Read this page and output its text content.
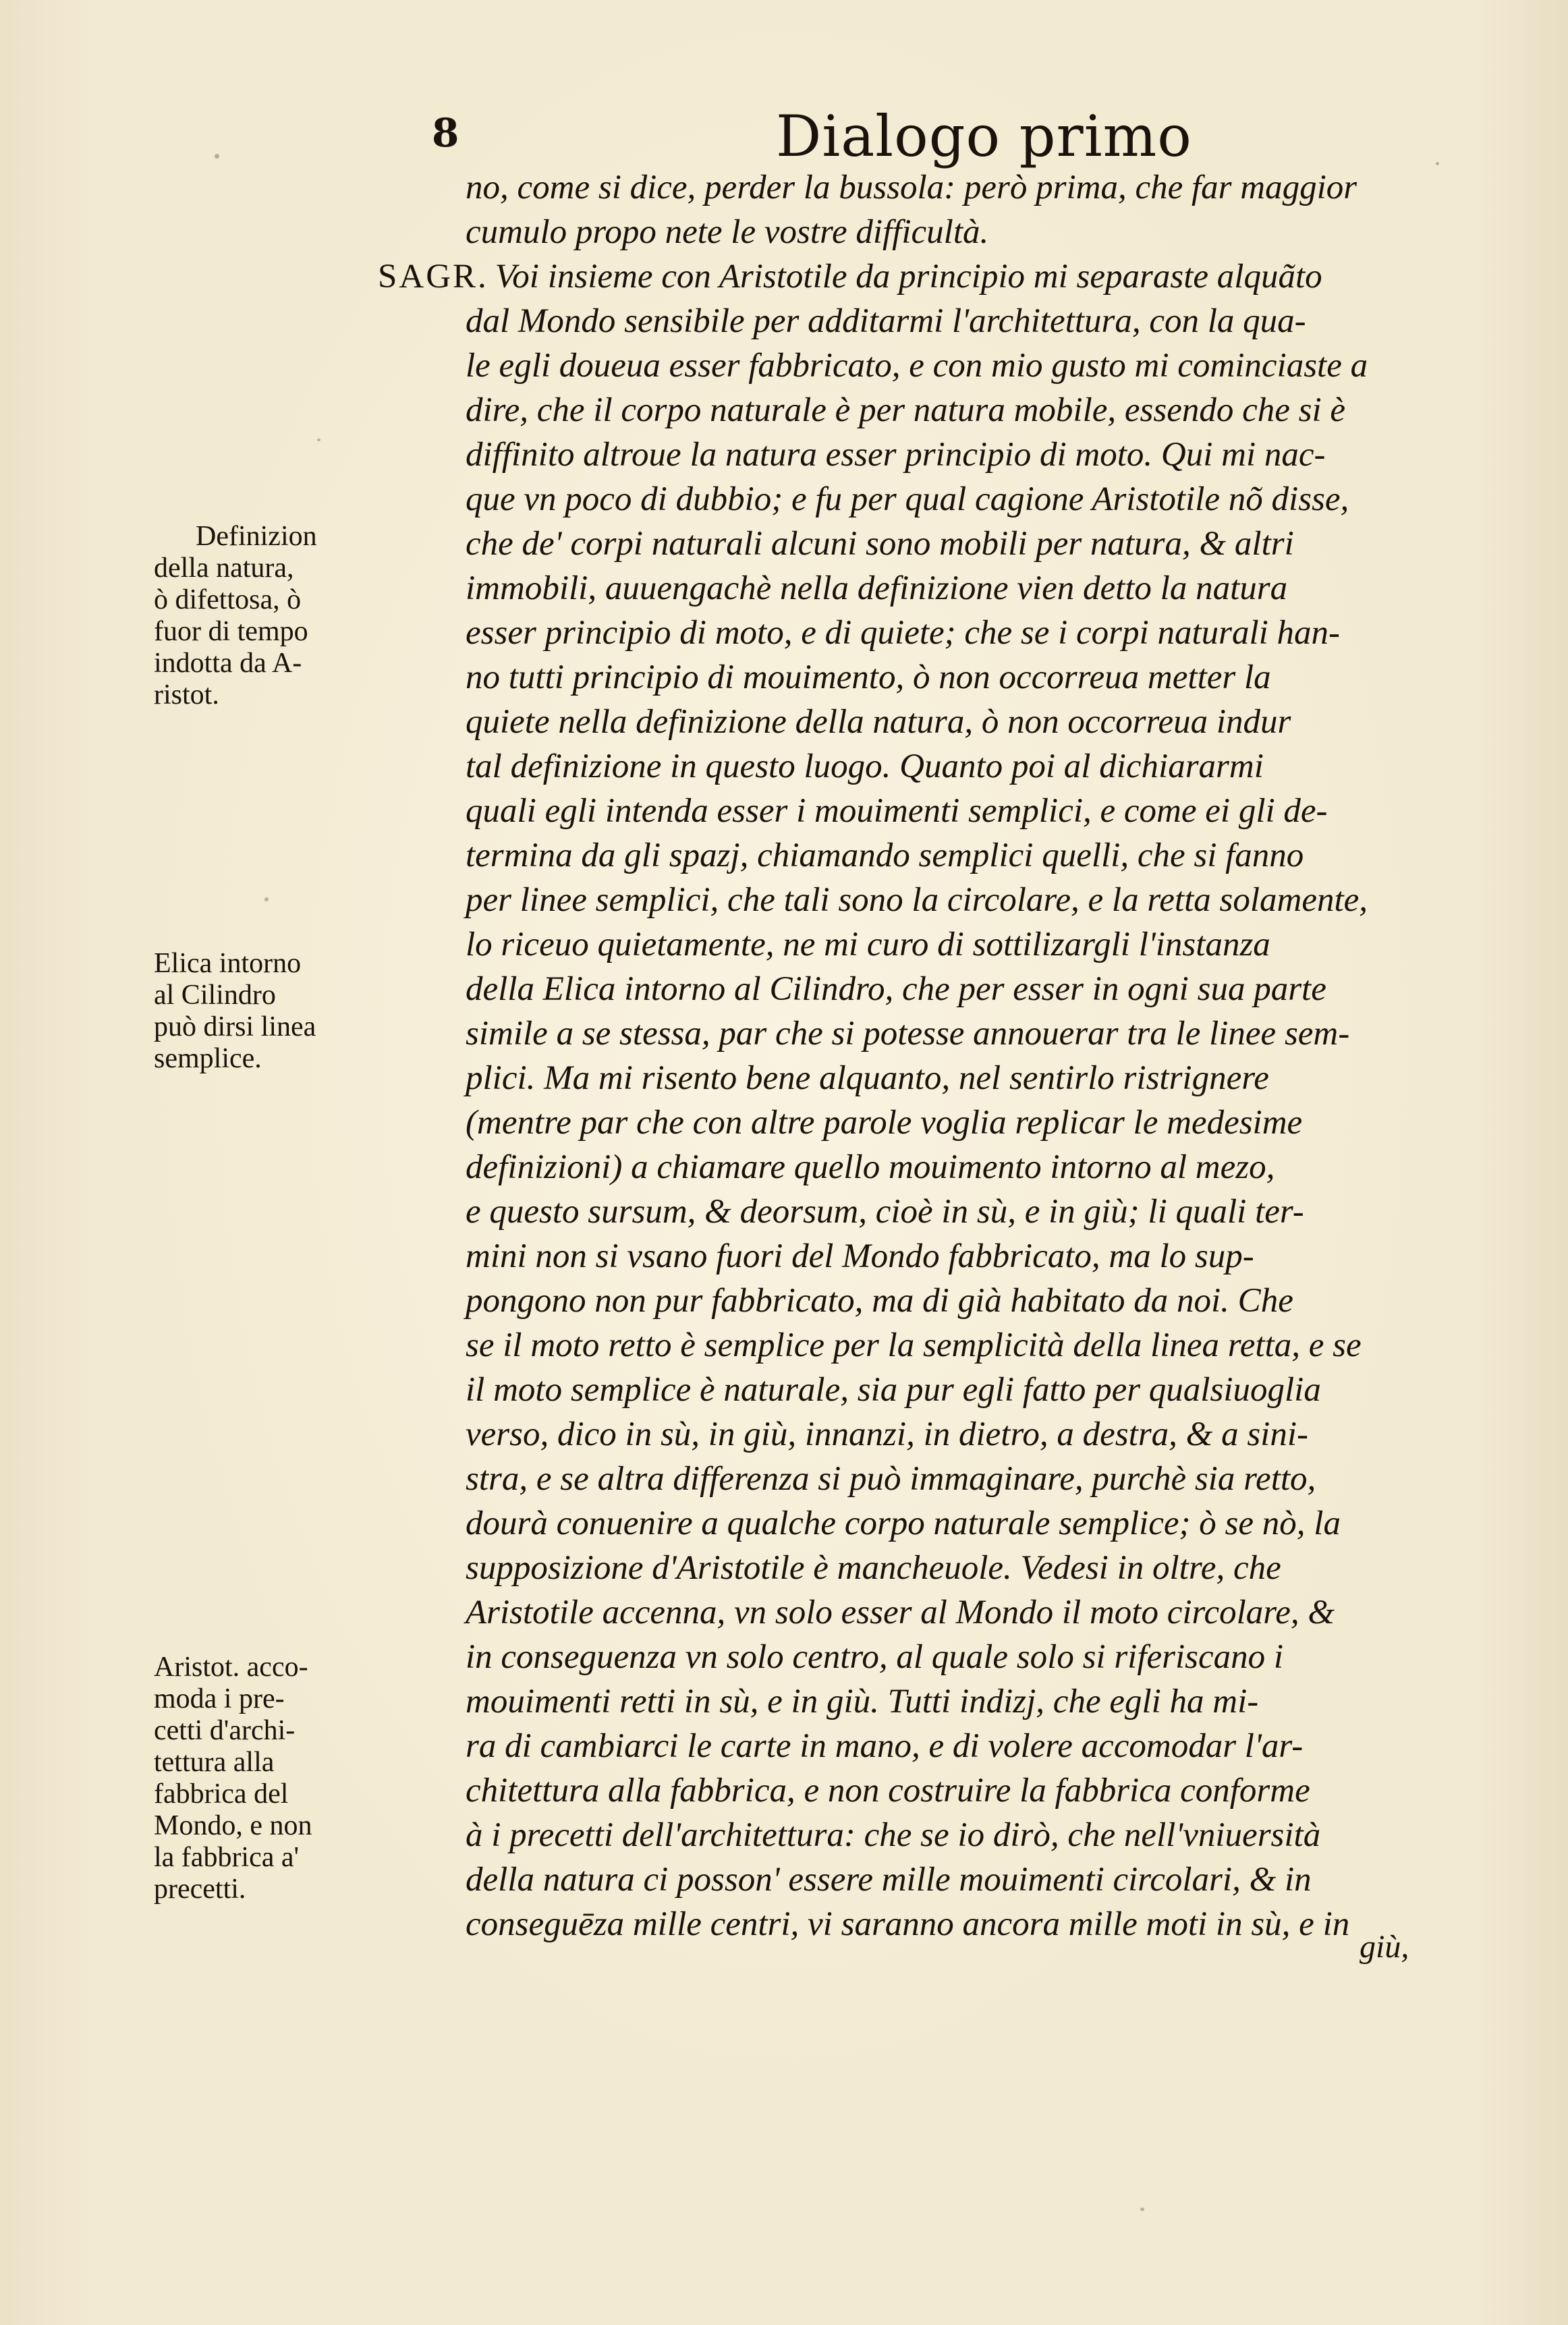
8	Dialogo primo
no, come si dice, perder la bussola: però prima, che far maggior
cumulo propo nete le vostre difficultà.
SAGR. Voi insieme con Aristotile da principio mi separaste alquãto
dal Mondo sensibile per additarmi l'architettura, con la qua-
le egli doueua esser fabbricato, e con mio gusto mi cominciaste a
dire, che il corpo naturale è per natura mobile, essendo che si è
diffinito altroue la natura esser principio di moto. Qui mi nac-
que vn poco di dubbio; e fu per qual cagione Aristotile nõ disse,
che de' corpi naturali alcuni sono mobili per natura, & altri
immobili, auuengachè nella definizione vien detto la natura
esser principio di moto, e di quiete; che se i corpi naturali han-
no tutti principio di mouimento, ò non occorreua metter la
quiete nella definizione della natura, ò non occorreua indur
tal definizione in questo luogo. Quanto poi al dichiararmi
quali egli intenda esser i mouimenti semplici, e come ei gli de-
termina da gli spazj, chiamando semplici quelli, che si fanno
per linee semplici, che tali sono la circolare, e la retta solamente,
lo riceuo quietamente, ne mi curo di sottilizargli l'instanza
della Elica intorno al Cilindro, che per esser in ogni sua parte
simile a se stessa, par che si potesse annouerar tra le linee sem-
plici. Ma mi risento bene alquanto, nel sentirlo ristrignere
(mentre par che con altre parole voglia replicar le medesime
definizioni) a chiamare quello mouimento intorno al mezo,
e questo sursum, & deorsum, cioè in sù, e in giù; li quali ter-
mini non si vsano fuori del Mondo fabbricato, ma lo sup-
pongono non pur fabbricato, ma di già habitato da noi. Che
se il moto retto è semplice per la semplicità della linea retta, e se
il moto semplice è naturale, sia pur egli fatto per qualsiuoglia
verso, dico in sù, in giù, innanzi, in dietro, a destra, & a sini-
stra, e se altra differenza si può immaginare, purchè sia retto,
dourà conuenire a qualche corpo naturale semplice; ò se nò, la
supposizione d'Aristotile è mancheuole. Vedesi in oltre, che
Aristotile accenna, vn solo esser al Mondo il moto circolare, &
in conseguenza vn solo centro, al quale solo si riferiscano i
mouimenti retti in sù, e in giù. Tutti indizj, che egli ha mi-
ra di cambiarci le carte in mano, e di volere accomodar l'ar-
chitettura alla fabbrica, e non costruire la fabbrica conforme
à i precetti dell'architettura: che se io dirò, che nell'vniuersità
della natura ci posson' essere mille mouimenti circolari, & in
conseguēza mille centri, vi saranno ancora mille moti in sù, e in
giù,
Definizion
della natura,
ò difettosa, ò
fuor di tempo
indotta da A-
ristot.
Elica intorno
al Cilindro
può dirsi linea
semplice.
Aristot. acco-
moda i pre-
cetti d'archi-
tettura alla
fabbrica del
Mondo, e non
la fabbrica a'
precetti.
